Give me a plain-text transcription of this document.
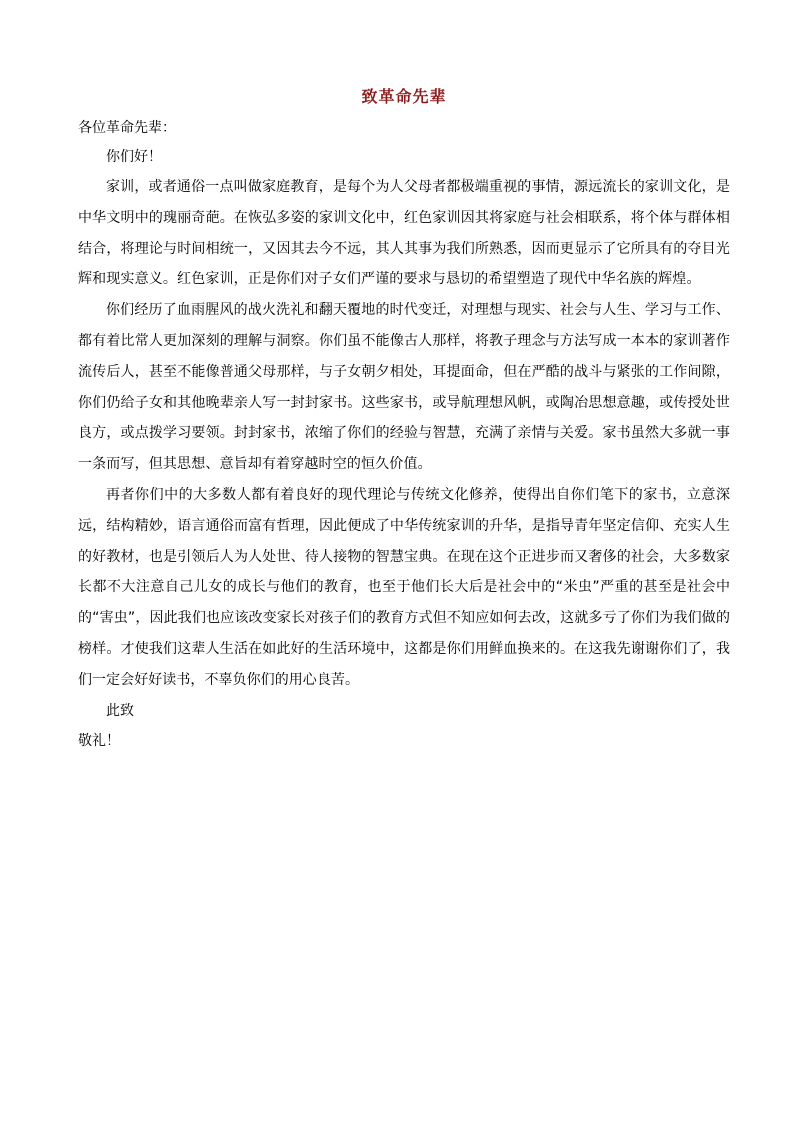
致革命先辈
各位革命先辈：
你们好！

家训，或者通俗一点叫做家庭教育，是每个为人父母者都极端重视的事情，源远流长的家训文化，是中华文明中的瑰丽奇葩。在恢弘多姿的家训文化中，红色家训因其将家庭与社会相联系，将个体与群体相结合，将理论与时间相统一，又因其去今不远，其人其事为我们所熟悉，因而更显示了它所具有的夺目光辉和现实意义。红色家训，正是你们对子女们严谨的要求与恳切的希望塑造了现代中华名族的辉煌。

你们经历了血雨腥风的战火洗礼和翻天覆地的时代变迁，对理想与现实、社会与人生、学习与工作、都有着比常人更加深刻的理解与洞察。你们虽不能像古人那样，将教子理念与方法写成一本本的家训著作流传后人，甚至不能像普通父母那样，与子女朝夕相处，耳提面命，但在严酷的战斗与紧张的工作间隙，你们仍给子女和其他晚辈亲人写一封封家书。这些家书，或导航理想风帆，或陶冶思想意趣，或传授处世良方，或点拨学习要领。封封家书，浓缩了你们的经验与智慧，充满了亲情与关爱。家书虽然大多就一事一条而写，但其思想、意旨却有着穿越时空的恒久价值。

再者你们中的大多数人都有着良好的现代理论与传统文化修养，使得出自你们笔下的家书，立意深远，结构精妙，语言通俗而富有哲理，因此便成了中华传统家训的升华，是指导青年坚定信仰、充实人生的好教材，也是引领后人为人处世、待人接物的智慧宝典。在现在这个正进步而又奢侈的社会，大多数家长都不大注意自己儿女的成长与他们的教育，也至于他们长大后是社会中的“米虫”严重的甚至是社会中的“害虫”，因此我们也应该改变家长对孩子们的教育方式但不知应如何去改，这就多亏了你们为我们做的榜样。才使我们这辈人生活在如此好的生活环境中，这都是你们用鲜血换来的。在这我先谢谢你们了，我们一定会好好读书，不辜负你们的用心良苦。

此致
敬礼！
